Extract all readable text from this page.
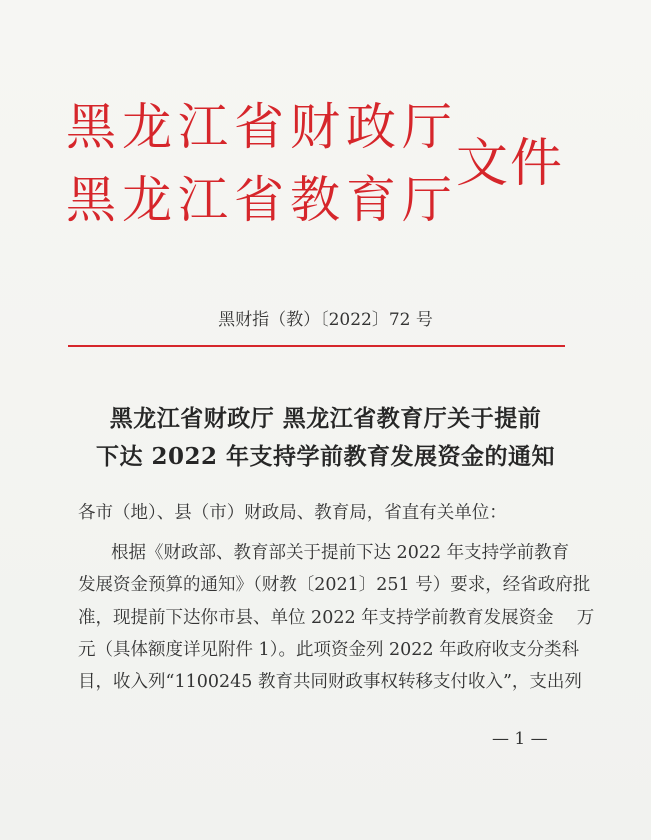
黑龙江省财政厅
黑龙江省教育厅
文件
黑财指（教）〔2022〕72 号
黑龙江省财政厅 黑龙江省教育厅关于提前
下达 2022 年支持学前教育发展资金的通知
各市（地）、县（市）财政局、教育局，省直有关单位：
根据《财政部、教育部关于提前下达 2022 年支持学前教育
发展资金预算的通知》（财教〔2021〕251 号）要求，经省政府批
准，现提前下达你市县、单位 2022 年支持学前教育发展资金　 万
元（具体额度详见附件 1）。此项资金列 2022 年政府收支分类科
目，收入列“1100245 教育共同财政事权转移支付收入”，支出列
— 1 —
